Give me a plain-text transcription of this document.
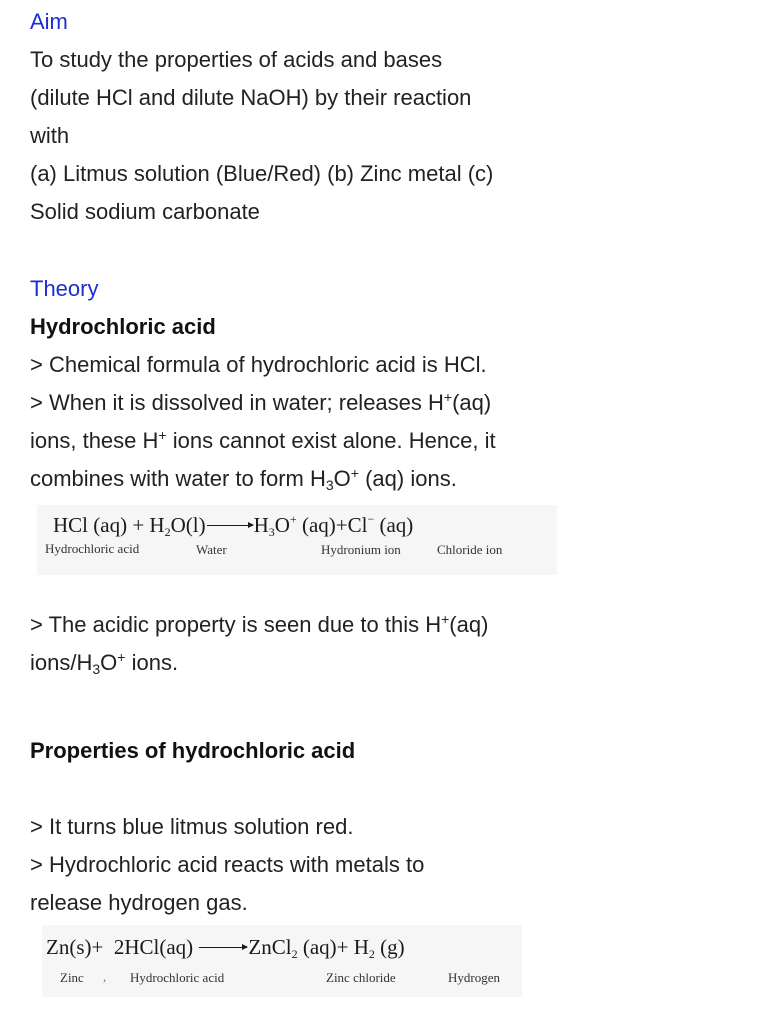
Aim
To study the properties of acids and bases
(dilute HCl and dilute NaOH) by their reaction
with
(a) Litmus solution (Blue/Red) (b) Zinc metal (c)
Solid sodium carbonate
Theory
Hydrochloric acid
> Chemical formula of hydrochloric acid is HCl.
> When it is dissolved in water; releases H+(aq)
ions, these H+ ions cannot exist alone. Hence, it
combines with water to form $H_3O^+$ (aq) ions.
HCl $(aq) + H_2O(l)$ $H_3O^+$ (aq)+Cl− (aq)
Hydrochloric acid	Water	Hydronium ion	Chloride ion
> The acidic property is seen due to this H+(aq)
ions/$H_3O^+$ ions.
Properties of hydrochloric acid
> It turns blue litmus solution red.
> Hydrochloric acid reacts with metals to
release hydrogen gas.
Zn(s)+  2HCl(aq) ZnCl$_2$ $(aq)+ H_2$ (g)
Zinc , Hydrochloric acid	Zinc chloride	Hydrogen
